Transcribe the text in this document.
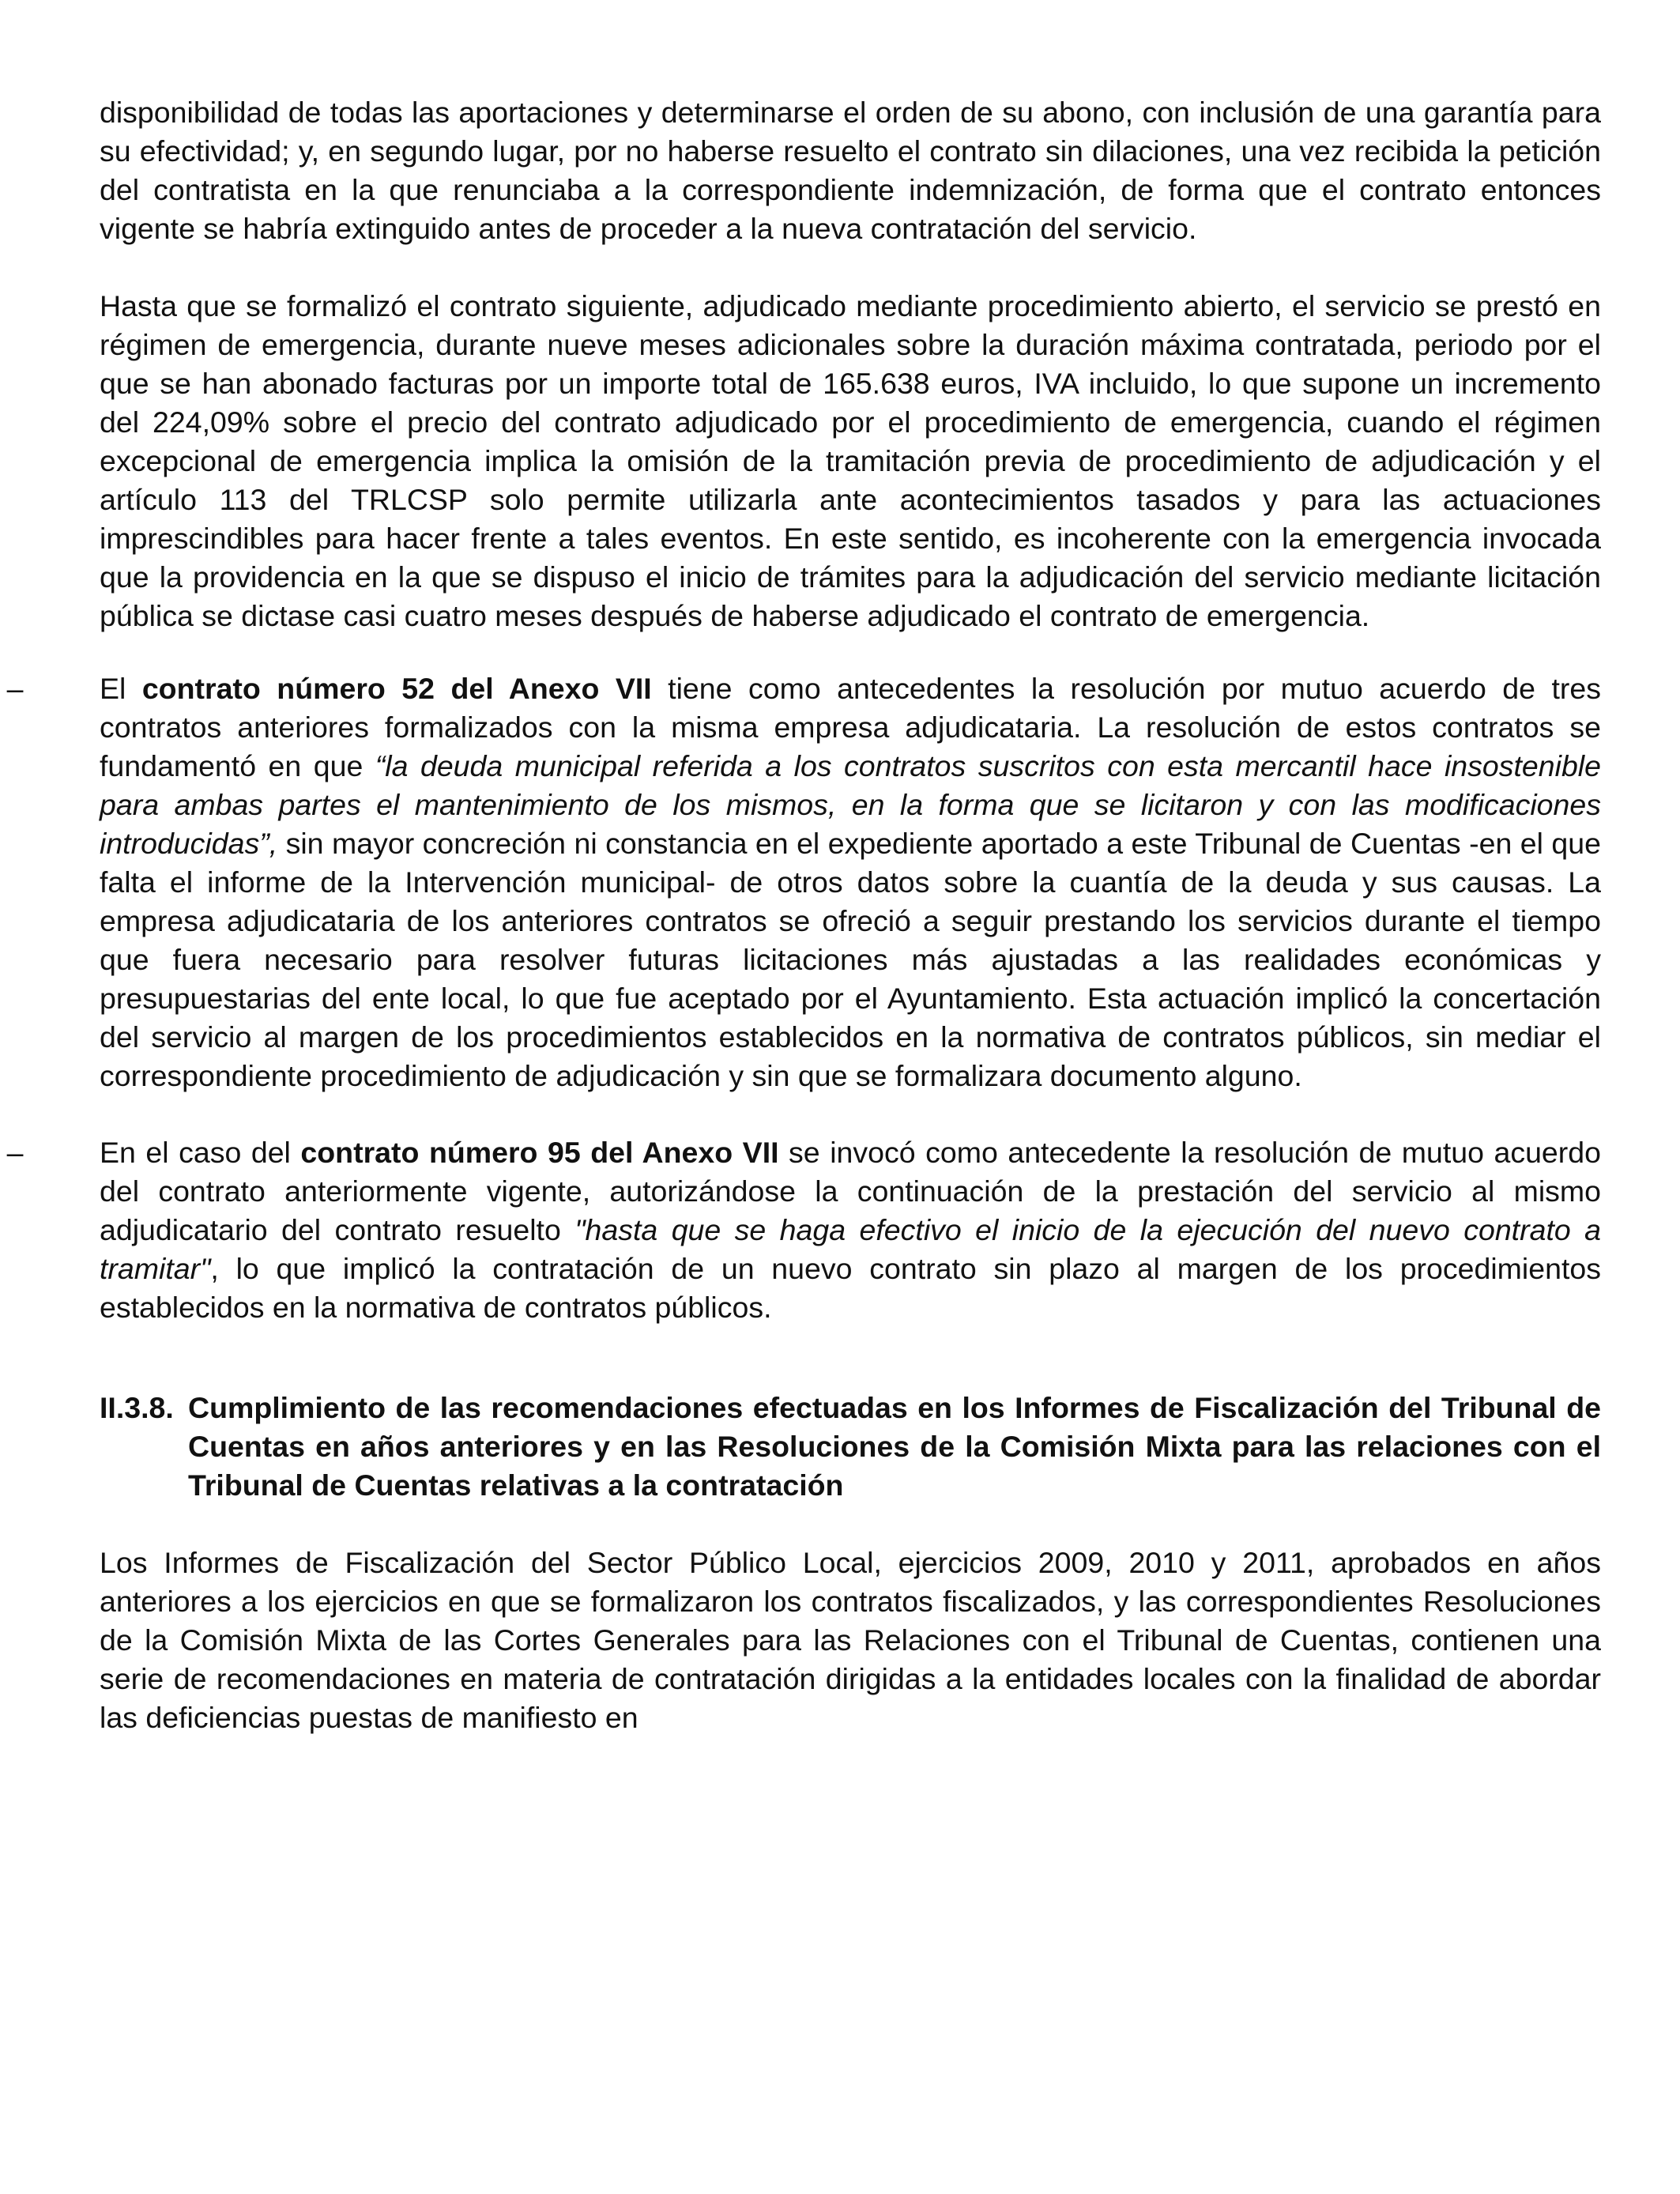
disponibilidad de todas las aportaciones y determinarse el orden de su abono, con inclusión de una garantía para su efectividad; y, en segundo lugar, por no haberse resuelto el contrato sin dilaciones, una vez recibida la petición del contratista en la que renunciaba a la correspondiente indemnización, de forma que el contrato entonces vigente se habría extinguido antes de proceder a la nueva contratación del servicio.

Hasta que se formalizó el contrato siguiente, adjudicado mediante procedimiento abierto, el servicio se prestó en régimen de emergencia, durante nueve meses adicionales sobre la duración máxima contratada, periodo por el que se han abonado facturas por un importe total de 165.638 euros, IVA incluido, lo que supone un incremento del 224,09% sobre el precio del contrato adjudicado por el procedimiento de emergencia, cuando el régimen excepcional de emergencia implica la omisión de la tramitación previa de procedimiento de adjudicación y el artículo 113 del TRLCSP solo permite utilizarla ante acontecimientos tasados y para las actuaciones imprescindibles para hacer frente a tales eventos. En este sentido, es incoherente con la emergencia invocada que la providencia en la que se dispuso el inicio de trámites para la adjudicación del servicio mediante licitación pública se dictase casi cuatro meses después de haberse adjudicado el contrato de emergencia.

–	El contrato número 52 del Anexo VII tiene como antecedentes la resolución por mutuo acuerdo de tres contratos anteriores formalizados con la misma empresa adjudicataria. La resolución de estos contratos se fundamentó en que “la deuda municipal referida a los contratos suscritos con esta mercantil hace insostenible para ambas partes el mantenimiento de los mismos, en la forma que se licitaron y con las modificaciones introducidas”, sin mayor concreción ni constancia en el expediente aportado a este Tribunal de Cuentas -en el que falta el informe de la Intervención municipal- de otros datos sobre la cuantía de la deuda y sus causas. La empresa adjudicataria de los anteriores contratos se ofreció a seguir prestando los servicios durante el tiempo que fuera necesario para resolver futuras licitaciones más ajustadas a las realidades económicas y presupuestarias del ente local, lo que fue aceptado por el Ayuntamiento. Esta actuación implicó la concertación del servicio al margen de los procedimientos establecidos en la normativa de contratos públicos, sin mediar el correspondiente procedimiento de adjudicación y sin que se formalizara documento alguno.
–	En el caso del contrato número 95 del Anexo VII se invocó como antecedente la resolución de mutuo acuerdo del contrato anteriormente vigente, autorizándose la continuación de la prestación del servicio al mismo adjudicatario del contrato resuelto "hasta que se haga efectivo el inicio de la ejecución del nuevo contrato a tramitar", lo que implicó la contratación de un nuevo contrato sin plazo al margen de los procedimientos establecidos en la normativa de contratos públicos.

II.3.8. Cumplimiento de las recomendaciones efectuadas en los Informes de Fiscalización del Tribunal de Cuentas en años anteriores y en las Resoluciones de la Comisión Mixta para las relaciones con el Tribunal de Cuentas relativas a la contratación

Los Informes de Fiscalización del Sector Público Local, ejercicios 2009, 2010 y 2011, aprobados en años anteriores a los ejercicios en que se formalizaron los contratos fiscalizados, y las correspondientes Resoluciones de la Comisión Mixta de las Cortes Generales para las Relaciones con el Tribunal de Cuentas, contienen una serie de recomendaciones en materia de contratación dirigidas a la entidades locales con la finalidad de abordar las deficiencias puestas de manifiesto en
